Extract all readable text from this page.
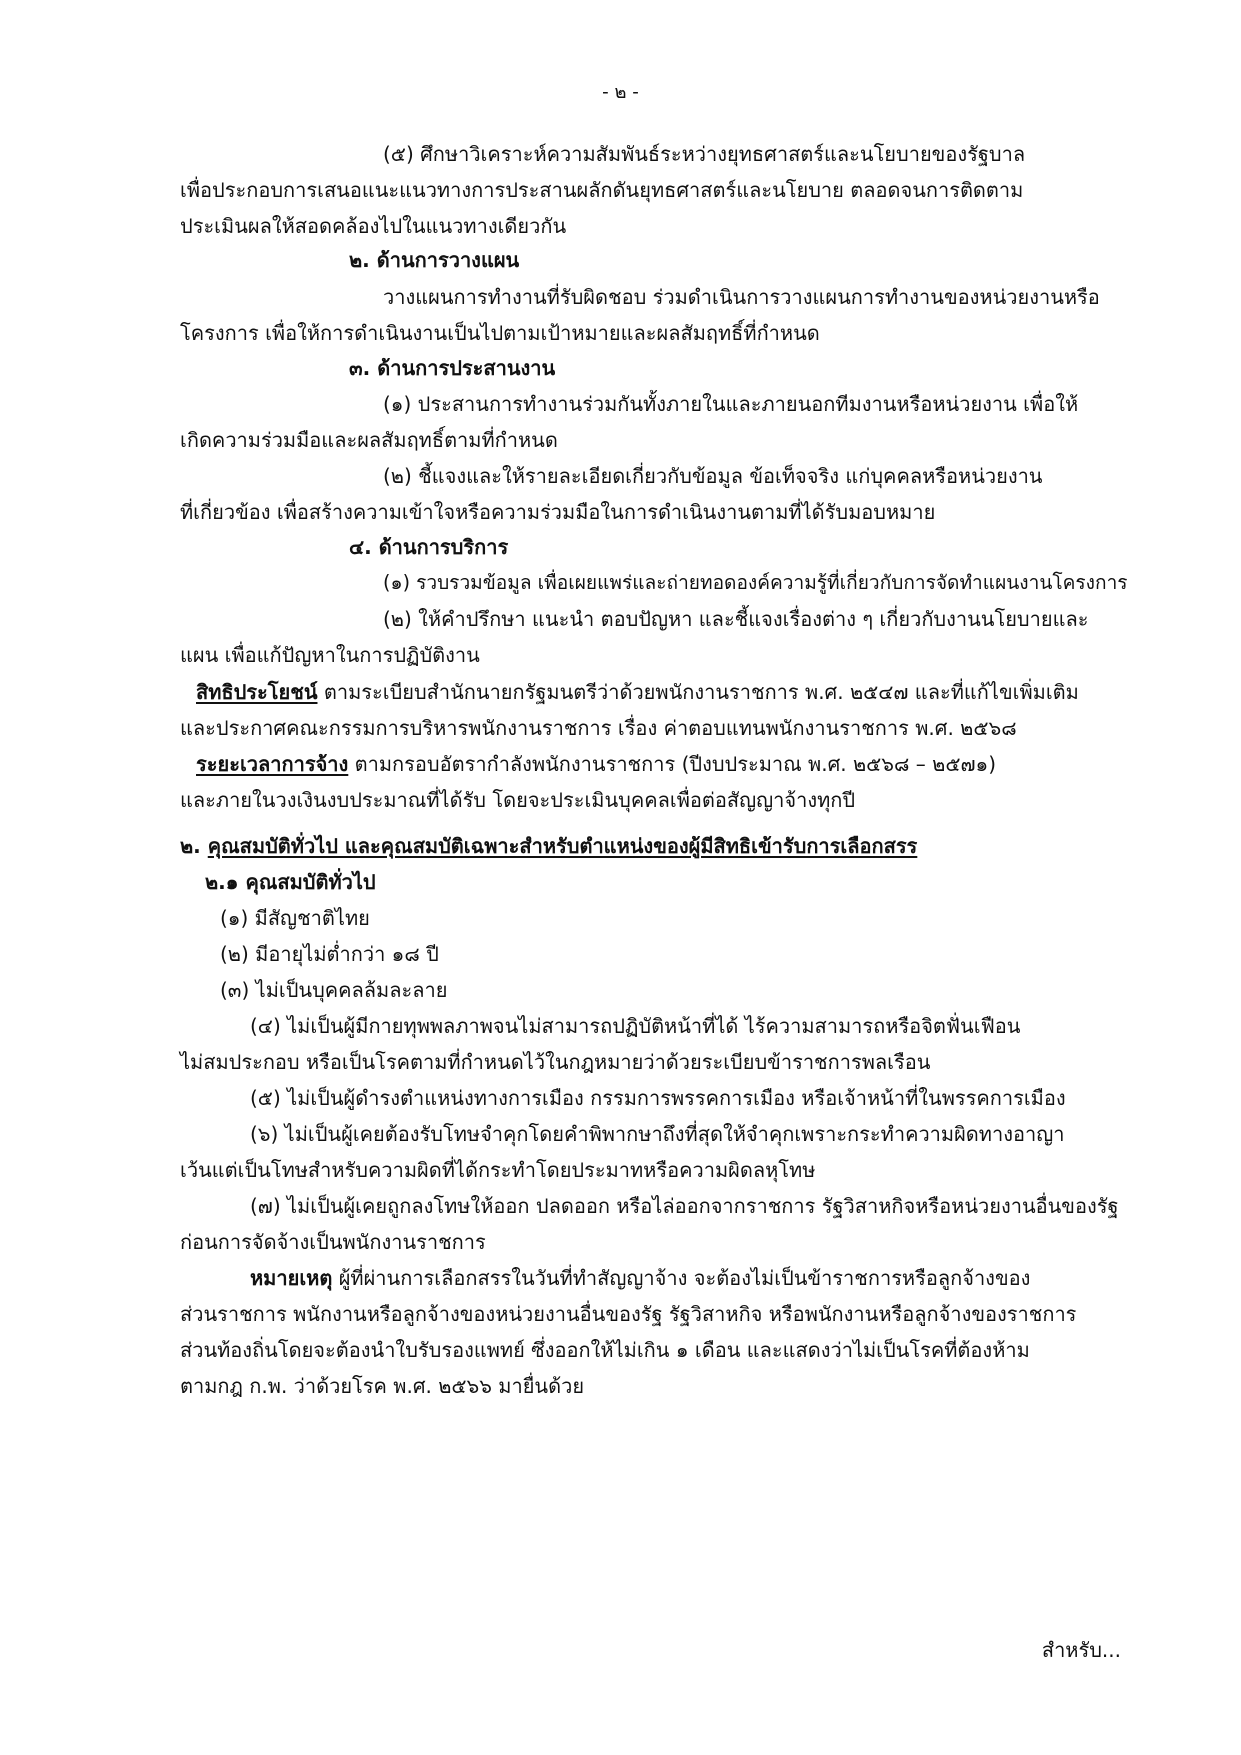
- ๒ -
(๕) ศึกษาวิเคราะห์ความสัมพันธ์ระหว่างยุทธศาสตร์และนโยบายของรัฐบาล
เพื่อประกอบการเสนอแนะแนวทางการประสานผลักดันยุทธศาสตร์และนโยบาย ตลอดจนการติดตาม
ประเมินผลให้สอดคล้องไปในแนวทางเดียวกัน
๒. ด้านการวางแผน
วางแผนการทำงานที่รับผิดชอบ ร่วมดำเนินการวางแผนการทำงานของหน่วยงานหรือ
โครงการ เพื่อให้การดำเนินงานเป็นไปตามเป้าหมายและผลสัมฤทธิ์ที่กำหนด
๓. ด้านการประสานงาน
(๑) ประสานการทำงานร่วมกันทั้งภายในและภายนอกทีมงานหรือหน่วยงาน เพื่อให้
เกิดความร่วมมือและผลสัมฤทธิ์ตามที่กำหนด
(๒) ชี้แจงและให้รายละเอียดเกี่ยวกับข้อมูล ข้อเท็จจริง แก่บุคคลหรือหน่วยงาน
ที่เกี่ยวข้อง เพื่อสร้างความเข้าใจหรือความร่วมมือในการดำเนินงานตามที่ได้รับมอบหมาย
๔. ด้านการบริการ
(๑) รวบรวมข้อมูล เพื่อเผยแพร่และถ่ายทอดองค์ความรู้ที่เกี่ยวกับการจัดทำแผนงานโครงการ
(๒) ให้คำปรึกษา แนะนำ ตอบปัญหา และชี้แจงเรื่องต่าง ๆ เกี่ยวกับงานนโยบายและ
แผน เพื่อแก้ปัญหาในการปฏิบัติงาน
สิทธิประโยชน์ ตามระเบียบสำนักนายกรัฐมนตรีว่าด้วยพนักงานราชการ พ.ศ. ๒๕๔๗ และที่แก้ไขเพิ่มเติม
และประกาศคณะกรรมการบริหารพนักงานราชการ เรื่อง ค่าตอบแทนพนักงานราชการ พ.ศ. ๒๕๖๘
ระยะเวลาการจ้าง ตามกรอบอัตรากำลังพนักงานราชการ (ปีงบประมาณ พ.ศ. ๒๕๖๘ – ๒๕๗๑)
และภายในวงเงินงบประมาณที่ได้รับ โดยจะประเมินบุคคลเพื่อต่อสัญญาจ้างทุกปี
๒. คุณสมบัติทั่วไป และคุณสมบัติเฉพาะสำหรับตำแหน่งของผู้มีสิทธิเข้ารับการเลือกสรร
๒.๑ คุณสมบัติทั่วไป
(๑) มีสัญชาติไทย
(๒) มีอายุไม่ต่ำกว่า ๑๘ ปี
(๓) ไม่เป็นบุคคลล้มละลาย
(๔) ไม่เป็นผู้มีกายทุพพลภาพจนไม่สามารถปฏิบัติหน้าที่ได้ ไร้ความสามารถหรือจิตฟั่นเฟือน
ไม่สมประกอบ หรือเป็นโรคตามที่กำหนดไว้ในกฎหมายว่าด้วยระเบียบข้าราชการพลเรือน
(๕) ไม่เป็นผู้ดำรงตำแหน่งทางการเมือง กรรมการพรรคการเมือง หรือเจ้าหน้าที่ในพรรคการเมือง
(๖) ไม่เป็นผู้เคยต้องรับโทษจำคุกโดยคำพิพากษาถึงที่สุดให้จำคุกเพราะกระทำความผิดทางอาญา
เว้นแต่เป็นโทษสำหรับความผิดที่ได้กระทำโดยประมาทหรือความผิดลหุโทษ
(๗) ไม่เป็นผู้เคยถูกลงโทษให้ออก ปลดออก หรือไล่ออกจากราชการ รัฐวิสาหกิจหรือหน่วยงานอื่นของรัฐ
ก่อนการจัดจ้างเป็นพนักงานราชการ
หมายเหตุ ผู้ที่ผ่านการเลือกสรรในวันที่ทำสัญญาจ้าง จะต้องไม่เป็นข้าราชการหรือลูกจ้างของ
ส่วนราชการ พนักงานหรือลูกจ้างของหน่วยงานอื่นของรัฐ รัฐวิสาหกิจ หรือพนักงานหรือลูกจ้างของราชการ
ส่วนท้องถิ่นโดยจะต้องนำใบรับรองแพทย์ ซึ่งออกให้ไม่เกิน ๑ เดือน และแสดงว่าไม่เป็นโรคที่ต้องห้าม
ตามกฎ ก.พ. ว่าด้วยโรค พ.ศ. ๒๕๖๖ มายื่นด้วย
สำหรับ...
